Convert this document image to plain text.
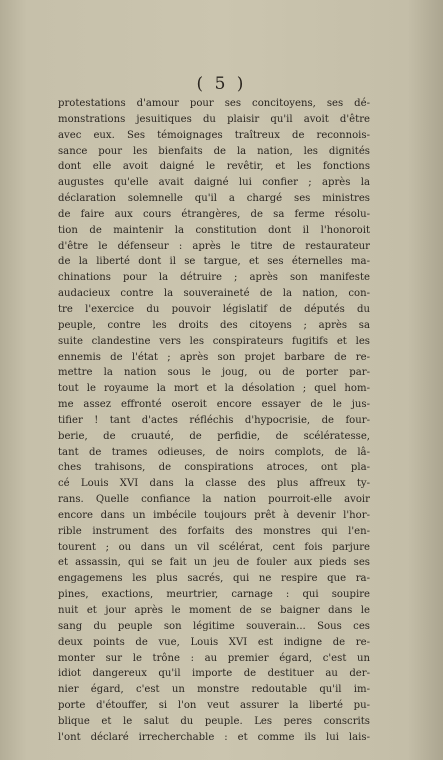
( 5 )
protestations d'amour pour ses concitoyens, ses dé-
monstrations jesuitiques du plaisir qu'il avoit d'être
avec eux. Ses témoignages traîtreux de reconnois-
sance pour les bienfaits de la nation, les dignités
dont elle avoit daigné le revêtir, et les fonctions
augustes qu'elle avait daigné lui confier ; après la
déclaration solemnelle qu'il a chargé ses ministres
de faire aux cours étrangères, de sa ferme résolu-
tion de maintenir la constitution dont il l'honoroit
d'être le défenseur : après le titre de restaurateur
de la liberté dont il se targue, et ses éternelles ma-
chinations pour la détruire ; après son manifeste
audacieux contre la souveraineté de la nation, con-
tre l'exercice du pouvoir législatif de députés du
peuple, contre les droits des citoyens ; après sa
suite clandestine vers les conspirateurs fugitifs et les
ennemis de l'état ; après son projet barbare de re-
mettre la nation sous le joug, ou de porter par-
tout le royaume la mort et la désolation ; quel hom-
me assez effronté oseroit encore essayer de le jus-
tifier ! tant d'actes réfléchis d'hypocrisie, de four-
berie, de cruauté, de perfidie, de scélératesse,
tant de trames odieuses, de noirs complots, de lâ-
ches trahisons, de conspirations atroces, ont pla-
cé Louis XVI dans la classe des plus affreux ty-
rans. Quelle confiance la nation pourroit-elle avoir
encore dans un imbécile toujours prêt à devenir l'hor-
rible instrument des forfaits des monstres qui l'en-
tourent ; ou dans un vil scélérat, cent fois parjure
et assassin, qui se fait un jeu de fouler aux pieds ses
engagemens les plus sacrés, qui ne respire que ra-
pines, exactions, meurtrier, carnage : qui soupire
nuit et jour après le moment de se baigner dans le
sang du peuple son légitime souverain... Sous ces
deux points de vue, Louis XVI est indigne de re-
monter sur le trône : au premier égard, c'est un
idiot dangereux qu'il importe de destituer au der-
nier égard, c'est un monstre redoutable qu'il im-
porte d'étouffer, si l'on veut assurer la liberté pu-
blique et le salut du peuple. Les peres conscrits
l'ont déclaré irrecherchable : et comme ils lui lais-
